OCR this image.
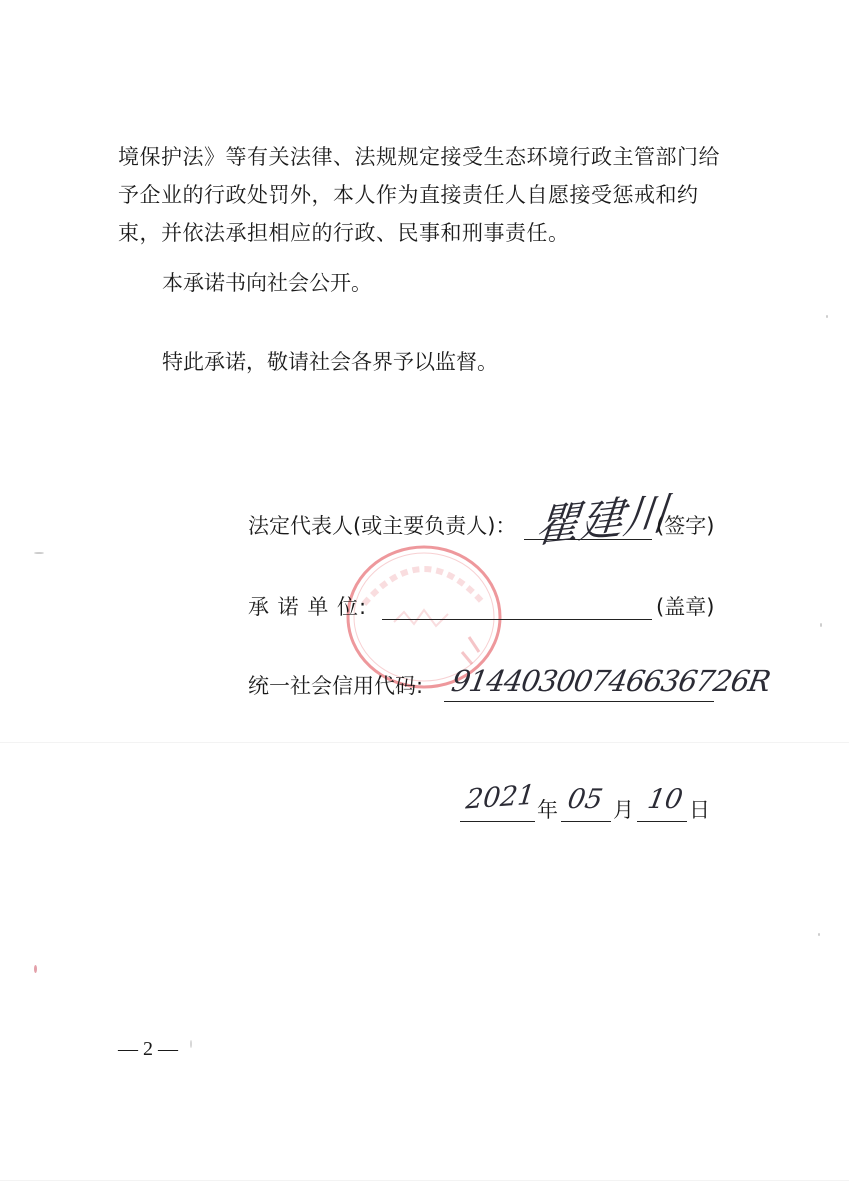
境保护法》等有关法律、法规规定接受生态环境行政主管部门给
予企业的行政处罚外，本人作为直接责任人自愿接受惩戒和约
束，并依法承担相应的行政、民事和刑事责任。
本承诺书向社会公开。
特此承诺，敬请社会各界予以监督。
法定代表人(或主要负责人)： 瞿建川
(签字)
承 诺 单 位:	(盖章)
统一社会信用代码: 91440300746636726R
2021 年 05 月 10 日
— 2 —
